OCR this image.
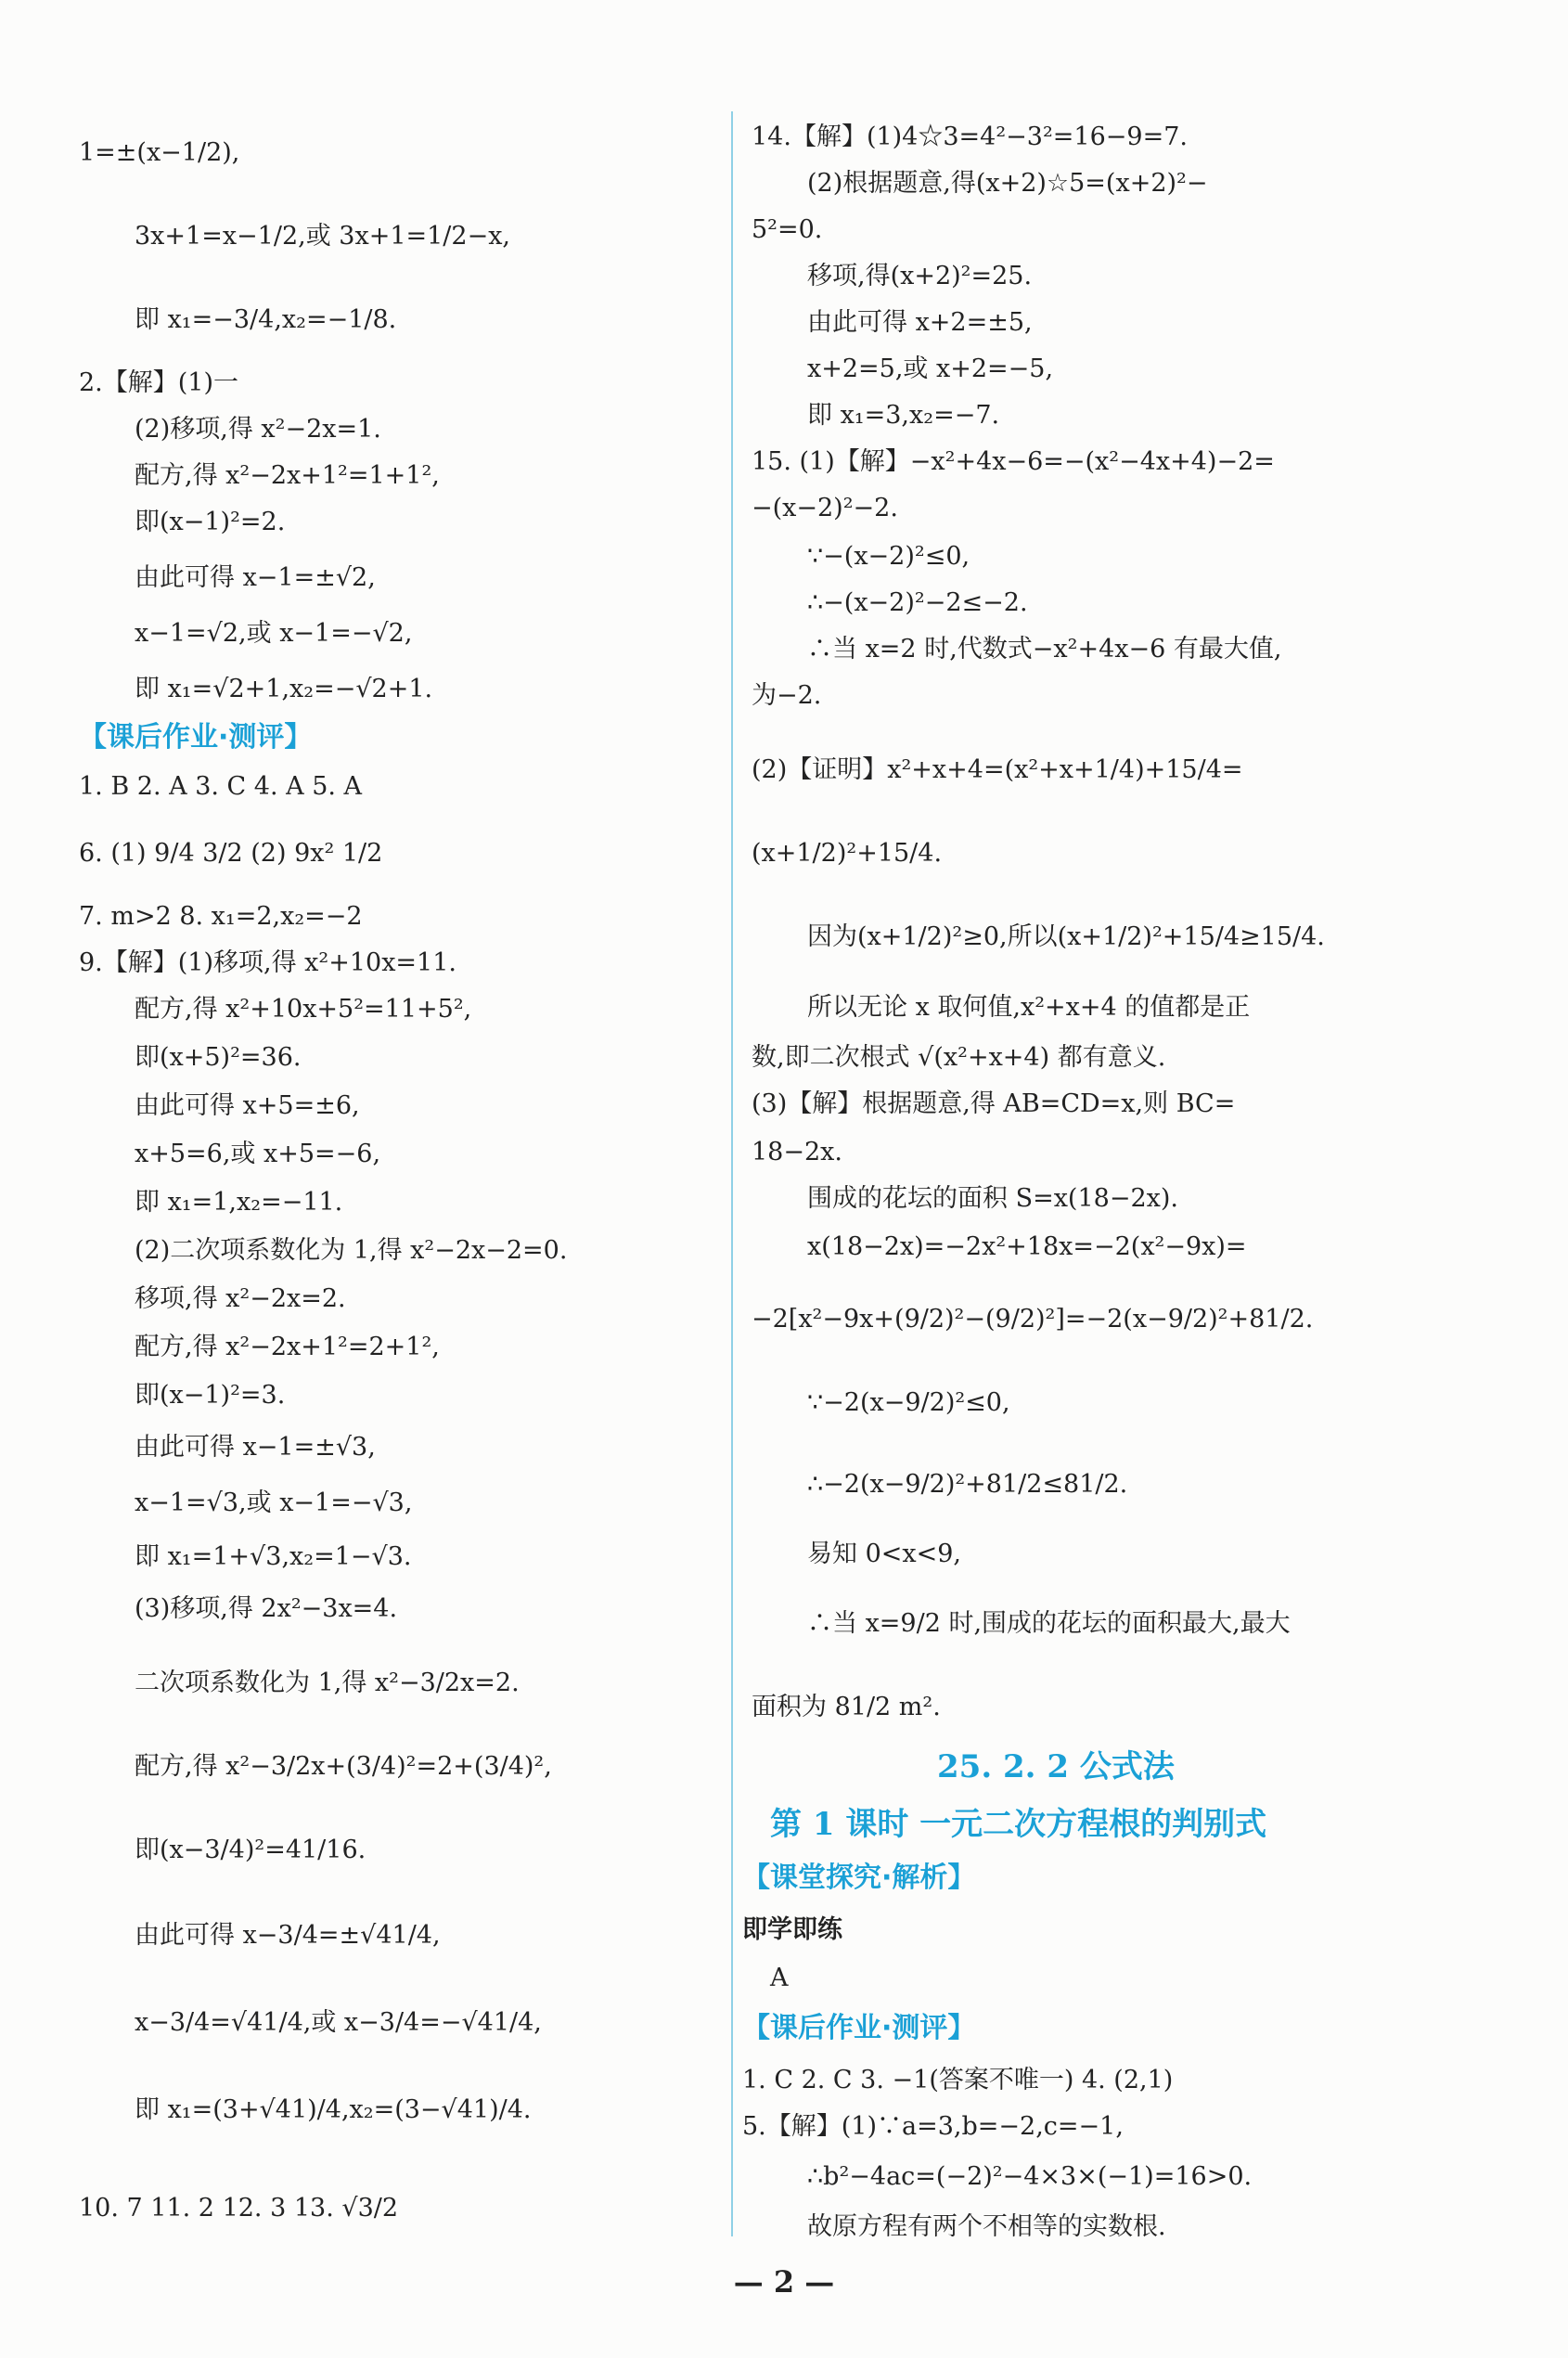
1=±(x−1/2),
3x+1=x−1/2,或 3x+1=1/2−x,
即 x₁=−3/4,x₂=−1/8.
2.【解】(1)一
(2)移项,得 x²−2x=1.
配方,得 x²−2x+1²=1+1²,
即(x−1)²=2.
由此可得 x−1=±√2,
x−1=√2,或 x−1=−√2,
即 x₁=√2+1,x₂=−√2+1.
【课后作业·测评】
1. B 2. A 3. C 4. A 5. A
6. (1) 9/4 3/2 (2) 9x² 1/2
7. m>2 8. x₁=2,x₂=−2
9.【解】(1)移项,得 x²+10x=11.
配方,得 x²+10x+5²=11+5²,
即(x+5)²=36.
由此可得 x+5=±6,
x+5=6,或 x+5=−6,
即 x₁=1,x₂=−11.
(2)二次项系数化为 1,得 x²−2x−2=0.
移项,得 x²−2x=2.
配方,得 x²−2x+1²=2+1²,
即(x−1)²=3.
由此可得 x−1=±√3,
x−1=√3,或 x−1=−√3,
即 x₁=1+√3,x₂=1−√3.
(3)移项,得 2x²−3x=4.
二次项系数化为 1,得 x²−3/2x=2.
配方,得 x²−3/2x+(3/4)²=2+(3/4)²,
即(x−3/4)²=41/16.
由此可得 x−3/4=±√41/4,
x−3/4=√41/4,或 x−3/4=−√41/4,
即 x₁=(3+√41)/4,x₂=(3−√41)/4.
10. 7 11. 2 12. 3 13. √3/2
14.【解】(1)4☆3=4²−3²=16−9=7.
(2)根据题意,得(x+2)☆5=(x+2)²−
5²=0.
移项,得(x+2)²=25.
由此可得 x+2=±5,
x+2=5,或 x+2=−5,
即 x₁=3,x₂=−7.
15. (1)【解】−x²+4x−6=−(x²−4x+4)−2=
−(x−2)²−2.
∵−(x−2)²≤0,
∴−(x−2)²−2≤−2.
∴当 x=2 时,代数式−x²+4x−6 有最大值,
为−2.
(2)【证明】x²+x+4=(x²+x+1/4)+15/4=
(x+1/2)²+15/4.
因为(x+1/2)²≥0,所以(x+1/2)²+15/4≥15/4.
所以无论 x 取何值,x²+x+4 的值都是正
数,即二次根式 √(x²+x+4) 都有意义.
(3)【解】根据题意,得 AB=CD=x,则 BC=
18−2x.
围成的花坛的面积 S=x(18−2x).
x(18−2x)=−2x²+18x=−2(x²−9x)=
−2[x²−9x+(9/2)²−(9/2)²]=−2(x−9/2)²+81/2.
∵−2(x−9/2)²≤0,
∴−2(x−9/2)²+81/2≤81/2.
易知 0<x<9,
∴当 x=9/2 时,围成的花坛的面积最大,最大
面积为 81/2 m².
25. 2. 2 公式法
第 1 课时 一元二次方程根的判别式
【课堂探究·解析】
即学即练
A
【课后作业·测评】
1. C 2. C 3. −1(答案不唯一) 4. (2,1)
5.【解】(1)∵a=3,b=−2,c=−1,
∴b²−4ac=(−2)²−4×3×(−1)=16>0.
故原方程有两个不相等的实数根.
— 2 —
